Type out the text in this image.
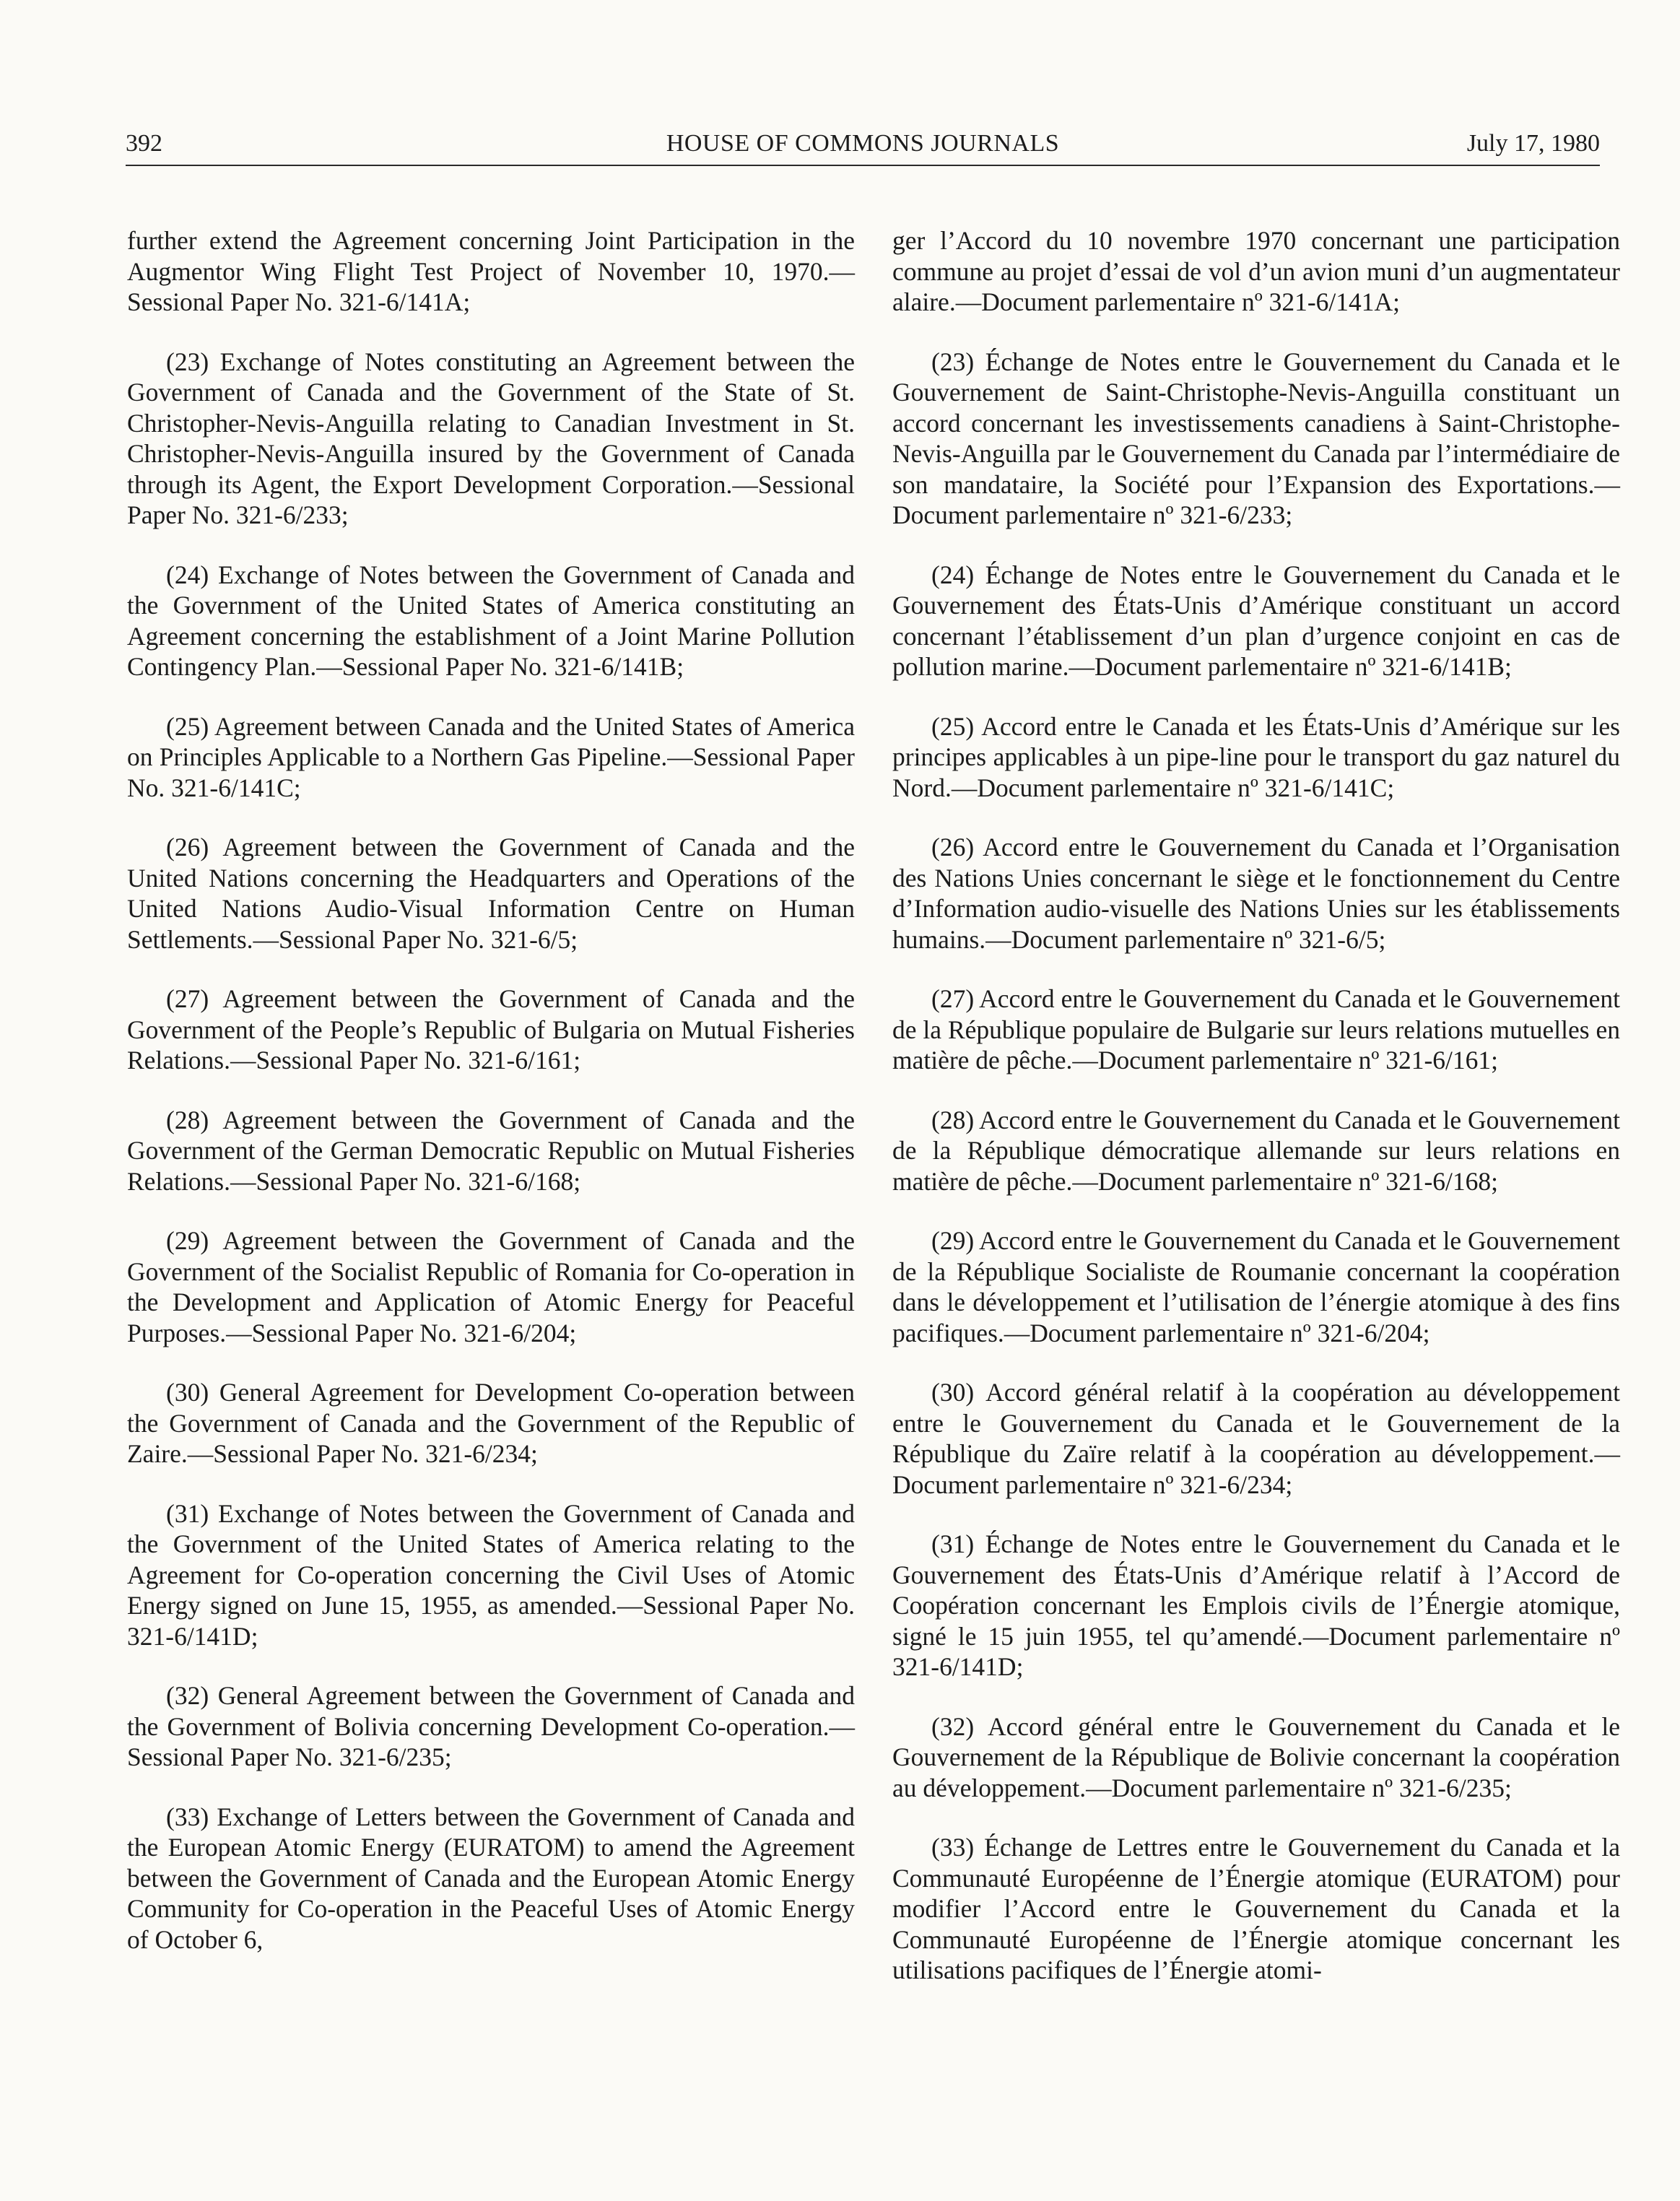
392	HOUSE OF COMMONS JOURNALS	July 17, 1980

further extend the Agreement concerning Joint Participation in the Augmentor Wing Flight Test Project of November 10, 1970.—Sessional Paper No. 321-6/141A;

(23) Exchange of Notes constituting an Agreement between the Government of Canada and the Government of the State of St. Christopher-Nevis-Anguilla relating to Canadian Investment in St. Christopher-Nevis-Anguilla insured by the Government of Canada through its Agent, the Export Development Corporation.—Sessional Paper No. 321-6/233;

(24) Exchange of Notes between the Government of Canada and the Government of the United States of America constituting an Agreement concerning the establishment of a Joint Marine Pollution Contingency Plan.—Sessional Paper No. 321-6/141B;

(25) Agreement between Canada and the United States of America on Principles Applicable to a Northern Gas Pipeline.—Sessional Paper No. 321-6/141C;

(26) Agreement between the Government of Canada and the United Nations concerning the Headquarters and Operations of the United Nations Audio-Visual Information Centre on Human Settlements.—Sessional Paper No. 321-6/5;

(27) Agreement between the Government of Canada and the Government of the People’s Republic of Bulgaria on Mutual Fisheries Relations.—Sessional Paper No. 321-6/161;

(28) Agreement between the Government of Canada and the Government of the German Democratic Republic on Mutual Fisheries Relations.—Sessional Paper No. 321-6/168;

(29) Agreement between the Government of Canada and the Government of the Socialist Republic of Romania for Co-operation in the Development and Application of Atomic Energy for Peaceful Purposes.—Sessional Paper No. 321-6/204;

(30) General Agreement for Development Co-operation between the Government of Canada and the Government of the Republic of Zaire.—Sessional Paper No. 321-6/234;

(31) Exchange of Notes between the Government of Canada and the Government of the United States of America relating to the Agreement for Co-operation concerning the Civil Uses of Atomic Energy signed on June 15, 1955, as amended.—Sessional Paper No. 321-6/141D;

(32) General Agreement between the Government of Canada and the Government of Bolivia concerning Development Co-operation.—Sessional Paper No. 321-6/235;

(33) Exchange of Letters between the Government of Canada and the European Atomic Energy (EURATOM) to amend the Agreement between the Government of Canada and the European Atomic Energy Community for Co-operation in the Peaceful Uses of Atomic Energy of October 6,

ger l’Accord du 10 novembre 1970 concernant une participation commune au projet d’essai de vol d’un avion muni d’un augmentateur alaire.—Document parlementaire nº 321-6/141A;

(23) Échange de Notes entre le Gouvernement du Canada et le Gouvernement de Saint-Christophe-Nevis-Anguilla constituant un accord concernant les investissements canadiens à Saint-Christophe-Nevis-Anguilla par le Gouvernement du Canada par l’intermédiaire de son mandataire, la Société pour l’Expansion des Exportations.—Document parlementaire nº 321-6/233;

(24) Échange de Notes entre le Gouvernement du Canada et le Gouvernement des États-Unis d’Amérique constituant un accord concernant l’établissement d’un plan d’urgence conjoint en cas de pollution marine.—Document parlementaire nº 321-6/141B;

(25) Accord entre le Canada et les États-Unis d’Amérique sur les principes applicables à un pipe-line pour le transport du gaz naturel du Nord.—Document parlementaire nº 321-6/141C;

(26) Accord entre le Gouvernement du Canada et l’Organisation des Nations Unies concernant le siège et le fonctionnement du Centre d’Information audio-visuelle des Nations Unies sur les établissements humains.—Document parlementaire nº 321-6/5;

(27) Accord entre le Gouvernement du Canada et le Gouvernement de la République populaire de Bulgarie sur leurs relations mutuelles en matière de pêche.—Document parlementaire nº 321-6/161;

(28) Accord entre le Gouvernement du Canada et le Gouvernement de la République démocratique allemande sur leurs relations en matière de pêche.—Document parlementaire nº 321-6/168;

(29) Accord entre le Gouvernement du Canada et le Gouvernement de la République Socialiste de Roumanie concernant la coopération dans le développement et l’utilisation de l’énergie atomique à des fins pacifiques.—Document parlementaire nº 321-6/204;

(30) Accord général relatif à la coopération au développement entre le Gouvernement du Canada et le Gouvernement de la République du Zaïre relatif à la coopération au développement.—Document parlementaire nº 321-6/234;

(31) Échange de Notes entre le Gouvernement du Canada et le Gouvernement des États-Unis d’Amérique relatif à l’Accord de Coopération concernant les Emplois civils de l’Énergie atomique, signé le 15 juin 1955, tel qu’amendé.—Document parlementaire nº 321-6/141D;

(32) Accord général entre le Gouvernement du Canada et le Gouvernement de la République de Bolivie concernant la coopération au développement.—Document parlementaire nº 321-6/235;

(33) Échange de Lettres entre le Gouvernement du Canada et la Communauté Européenne de l’Énergie atomique (EURATOM) pour modifier l’Accord entre le Gouvernement du Canada et la Communauté Européenne de l’Énergie atomique concernant les utilisations pacifiques de l’Énergie atomi-
